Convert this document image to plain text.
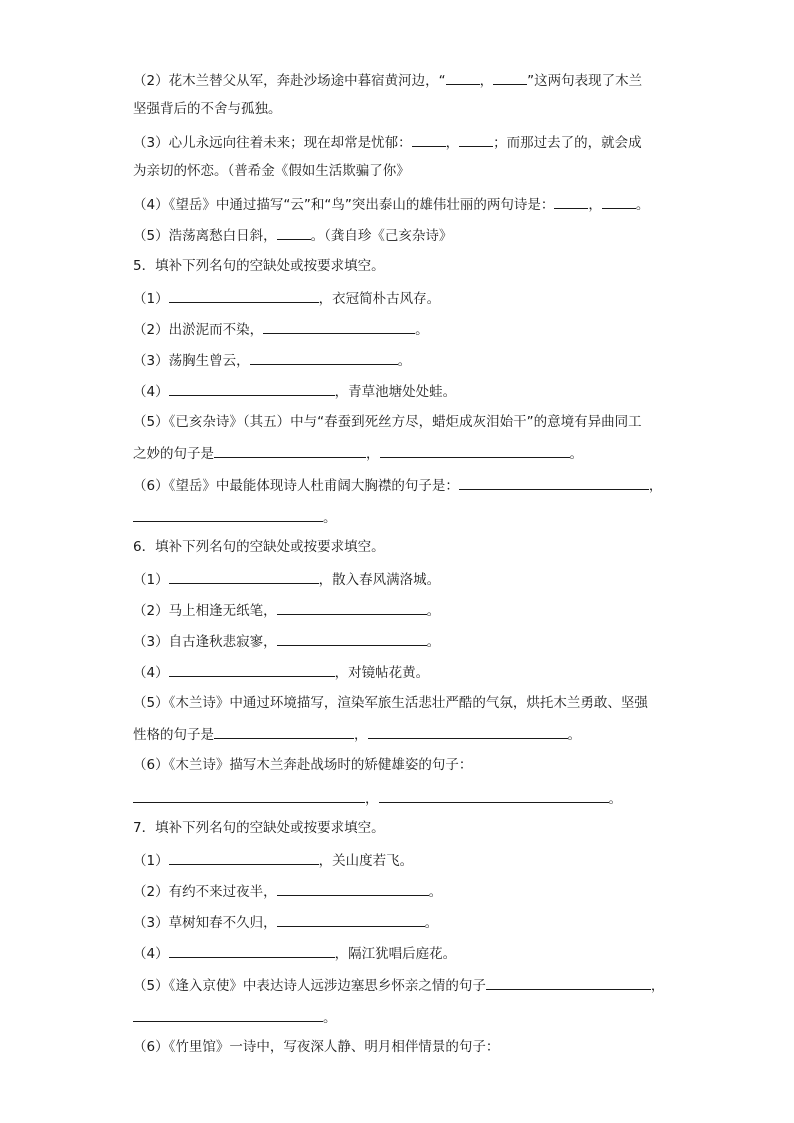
（2）花木兰替父从军，奔赴沙场途中暮宿黄河边，“	，	”这两句表现了木兰
坚强背后的不舍与孤独。
（3）心儿永远向往着未来；现在却常是忧郁：	，	；而那过去了的，就会成
为亲切的怀恋。（普希金《假如生活欺骗了你》
（4）《望岳》中通过描写“云”和“鸟”突出泰山的雄伟壮丽的两句诗是：	，	。
（5）浩荡离愁白日斜，	。（龚自珍《己亥杂诗》
5．填补下列名句的空缺处或按要求填空。
（1）	，衣冠简朴古风存。
（2）出淤泥而不染，	。
（3）荡胸生曾云，	。
（4）	，青草池塘处处蛙。
（5）《已亥杂诗》（其五）中与“春蚕到死丝方尽，蜡炬成灰泪始干”的意境有异曲同工
之妙的句子是	，	。
（6）《望岳》中最能体现诗人杜甫阔大胸襟的句子是：	，
。
6．填补下列名句的空缺处或按要求填空。
（1）	，散入春风满洛城。
（2）马上相逢无纸笔，	。
（3）自古逢秋悲寂寥，	。
（4）	，对镜帖花黄。
（5）《木兰诗》中通过环境描写，渲染军旅生活悲壮严酷的气氛，烘托木兰勇敢、坚强
性格的句子是	，	。
（6）《木兰诗》描写木兰奔赴战场时的矫健雄姿的句子：
，	。
7．填补下列名句的空缺处或按要求填空。
（1）	，关山度若飞。
（2）有约不来过夜半，	。
（3）草树知春不久归，	。
（4）	，隔江犹唱后庭花。
（5）《逢入京使》中表达诗人远涉边塞思乡怀亲之情的句子	，
。
（6）《竹里馆》一诗中，写夜深人静、明月相伴情景的句子：
